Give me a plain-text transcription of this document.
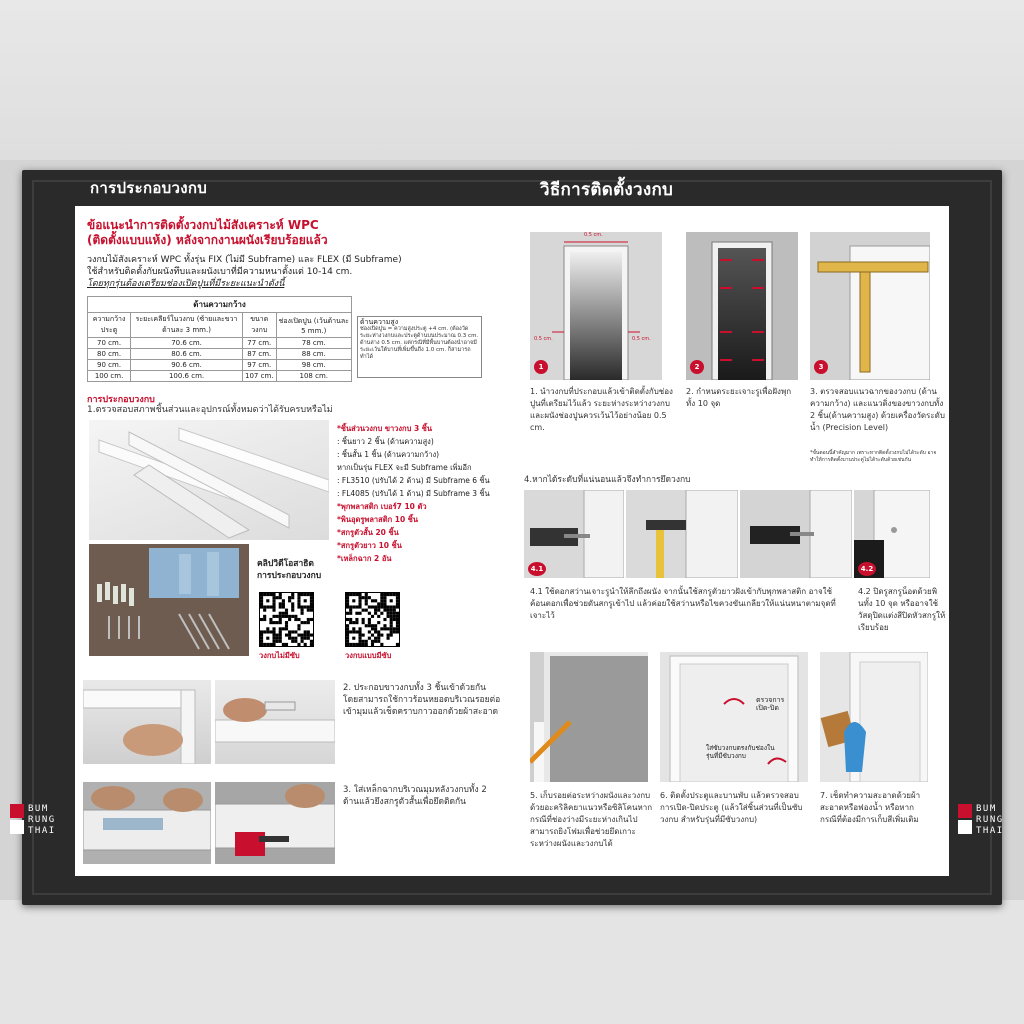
การประกอบวงกบ	วิธีการติดตั้งวงกบ
BUM
RUNG
THAI
BUM
RUNG
THAI
ข้อแนะนำการติดตั้งวงกบไม้สังเคราะห์ WPC
(ติดตั้งแบบแห้ง) หลังจากงานผนังเรียบร้อยแล้ว
วงกบไม้สังเคราะห์ WPC ทั้งรุ่น FIX (ไม่มี Subframe) และ FLEX (มี Subframe)
ใช้สำหรับติดตั้งกับผนังทึบและผนังเบาที่มีความหนาตั้งแต่ 10-14 cm.
โดยทุกรุ่นต้องเตรียมช่องเปิดปูนที่มีระยะแนะนำดังนี้
ด้านความกว้าง			
ความกว้างประตู	ระยะเคลียร์ในวงกบ (ซ้ายและขวา ด้านละ 3 mm.)	ขนาดวงกบ	ช่องเปิดปูน (เว้นด้านละ 5 mm.)
70 cm.	70.6 cm.	77 cm.	78 cm.
80 cm.	80.6 cm.	87 cm.	88 cm.
90 cm.	90.6 cm.	97 cm.	98 cm.
100 cm.	100.6 cm.	107 cm.	108 cm.
ด้านความสูง
ช่องเปิดปูน = ความสูงประตู +4 cm. (ต้องวัดระยะห่างวงกบและประตูด้านบนประมาณ 0.3 cm. ด้านล่าง 0.5 cm. แต่กรณีที่มีพื้นบานต้องนำอาจมีระยะเว้นใต้บานที่เพิ่มขึ้นถึง 1.0 cm. ก็สามารถทำได้
การประกอบวงกบ
1.ตรวจสอบสภาพชิ้นส่วนและอุปกรณ์ทั้งหมดว่าได้รับครบหรือไม่
*ชิ้นส่วนวงกบ ขาวงกบ 3 ชิ้น
: ชิ้นยาว 2 ชิ้น (ด้านความสูง)
: ชิ้นสั้น 1 ชิ้น (ด้านความกว้าง)
หากเป็นรุ่น FLEX จะมี Subframe เพิ่มอีก
: FL3510 (ปรับได้ 2 ด้าน) มี Subframe 6 ชิ้น
: FL4085 (ปรับได้ 1 ด้าน) มี Subframe 3 ชิ้น
*พุกพลาสติก เบอร์7 10 ตัว
*พินอุดรูพลาสติก 10 ชิ้น
*สกรูตัวสั้น 20 ชิ้น
*สกรูตัวยาว 10 ชิ้น
*เหล็กฉาก 2 อัน
คลิปวิดีโอสาธิต
การประกอบวงกบ
วงกบไม่มีซับ	วงกบแบบมีซับ
2. ประกอบขาวงกบทั้ง 3 ชิ้นเข้าด้วยกัน โดยสามารถใช้กาวร้อนหยอดบริเวณรอยต่อเข้ามุมแล้วเช็ดคราบกาวออกด้วยผ้าสะอาด
3. ใส่เหล็กฉากบริเวณมุมหลังวงกบทั้ง 2 ด้านแล้วยึงสกรูตัวสั้นเพื่อยึดติดกัน
0.5 cm.
0.5 cm.	0.5 cm.
1	2	3
1. นำวงกบที่ประกอบแล้วเข้าติดตั้งกับช่องปูนที่เตรียมไว้แล้ว ระยะห่างระหว่างวงกบและผนังช่องปูนควรเว้นไว้อย่างน้อย 0.5 cm.
2. กำหนดระยะเจาะรูเพื่อฝังพุก ทั้ง 10 จุด
3. ตรวจสอบแนวฉากของวงกบ (ด้านความกว้าง) และแนวดิ่งของขาวงกบทั้ง 2 ชิ้น(ด้านความสูง) ด้วยเครื่องวัดระดับน้ำ (Precision Level)
*ขั้นตอนนี้สำคัญมาก เพราะหากติดตั้งวงกบไม่ได้ระดับ อาจทำให้การติดตั้งบานประตูไม่ได้ระดับด้วยเช่นกัน
4.หากได้ระดับที่แน่นอนแล้วจึงทำการยึดวงกบ
4.1	4.2
4.1 ใช้ดอกสว่านเจาะรูนำให้ลึกถึงผนัง จากนั้นใช้สกรูตัวยาวฝังเข้ากับพุกพลาสติก อาจใช้ค้อนตอกเพื่อช่วยดันสกรูเข้าไป แล้วค่อยใช้สว่านหรือไขควงขันเกลียวให้แน่นหนาตามจุดที่เจาะไว้
4.2 ปิดรูสกรูน็อตด้วยพินทั้ง 10 จุด หรืออาจใช้วัสดุปิดแต่งสีปิดหัวสกรูให้เรียบร้อย
ตรวจการเปิด-ปิด
ใส่ซับวงกบตรงกับช่องในรุ่นที่มีซับวงกบ
5. เก็บรอยต่อระหว่างผนังและวงกบด้วยอะคริลิคยาแนวหรือซิลิโคนหากกรณีที่ช่องว่างมีระยะห่างเกินไปสามารถยิงโฟมเพื่อช่วยยึดเกาะระหว่างผนังและวงกบได้
6. ติดตั้งประตูและบานพับ แล้วตรวจสอบการเปิด-ปิดประตู (แล้วใส่ชิ้นส่วนที่เป็นซับวงกบ สำหรับรุ่นที่มีซับวงกบ)
7. เช็ดทำความสะอาดด้วยผ้าสะอาดหรือฟองน้ำ หรือหากกรณีที่ต้องมีการเก็บสีเพิ่มเติม
